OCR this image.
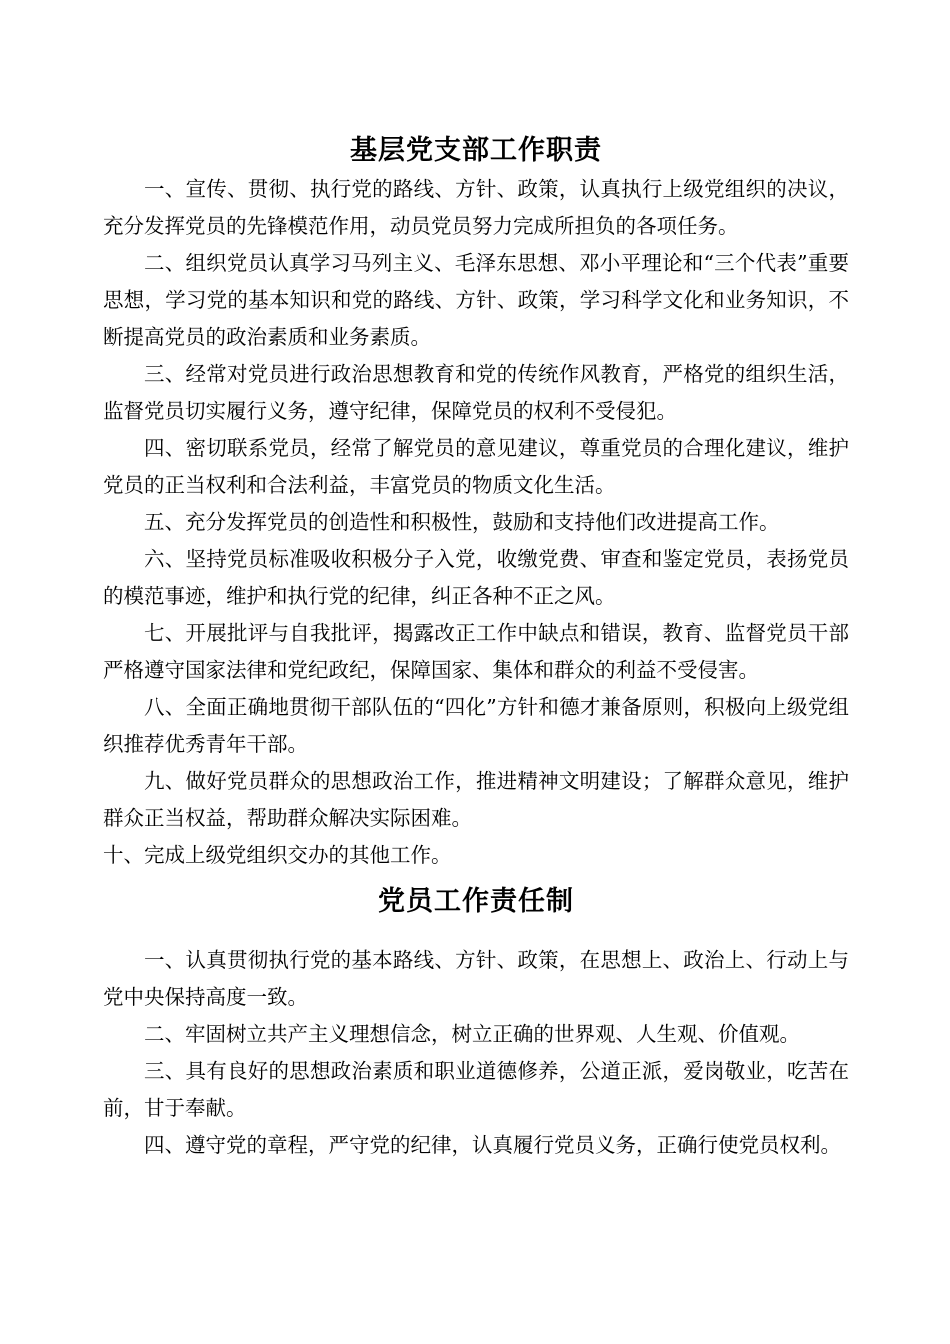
基层党支部工作职责

一、宣传、贯彻、执行党的路线、方针、政策，认真执行上级党组织的决议，充分发挥党员的先锋模范作用，动员党员努力完成所担负的各项任务。

二、组织党员认真学习马列主义、毛泽东思想、邓小平理论和“三个代表”重要思想，学习党的基本知识和党的路线、方针、政策，学习科学文化和业务知识，不断提高党员的政治素质和业务素质。

三、经常对党员进行政治思想教育和党的传统作风教育，严格党的组织生活，监督党员切实履行义务，遵守纪律，保障党员的权利不受侵犯。

四、密切联系党员，经常了解党员的意见建议，尊重党员的合理化建议，维护党员的正当权利和合法利益，丰富党员的物质文化生活。

五、充分发挥党员的创造性和积极性，鼓励和支持他们改进提高工作。

六、坚持党员标准吸收积极分子入党，收缴党费、审查和鉴定党员，表扬党员的模范事迹，维护和执行党的纪律，纠正各种不正之风。

七、开展批评与自我批评，揭露改正工作中缺点和错误，教育、监督党员干部严格遵守国家法律和党纪政纪，保障国家、集体和群众的利益不受侵害。

八、全面正确地贯彻干部队伍的“四化”方针和德才兼备原则，积极向上级党组织推荐优秀青年干部。

九、做好党员群众的思想政治工作，推进精神文明建设；了解群众意见，维护群众正当权益，帮助群众解决实际困难。

十、完成上级党组织交办的其他工作。

党员工作责任制

一、认真贯彻执行党的基本路线、方针、政策，在思想上、政治上、行动上与党中央保持高度一致。

二、牢固树立共产主义理想信念，树立正确的世界观、人生观、价值观。

三、具有良好的思想政治素质和职业道德修养，公道正派，爱岗敬业，吃苦在前，甘于奉献。

四、遵守党的章程，严守党的纪律，认真履行党员义务，正确行使党员权利。
